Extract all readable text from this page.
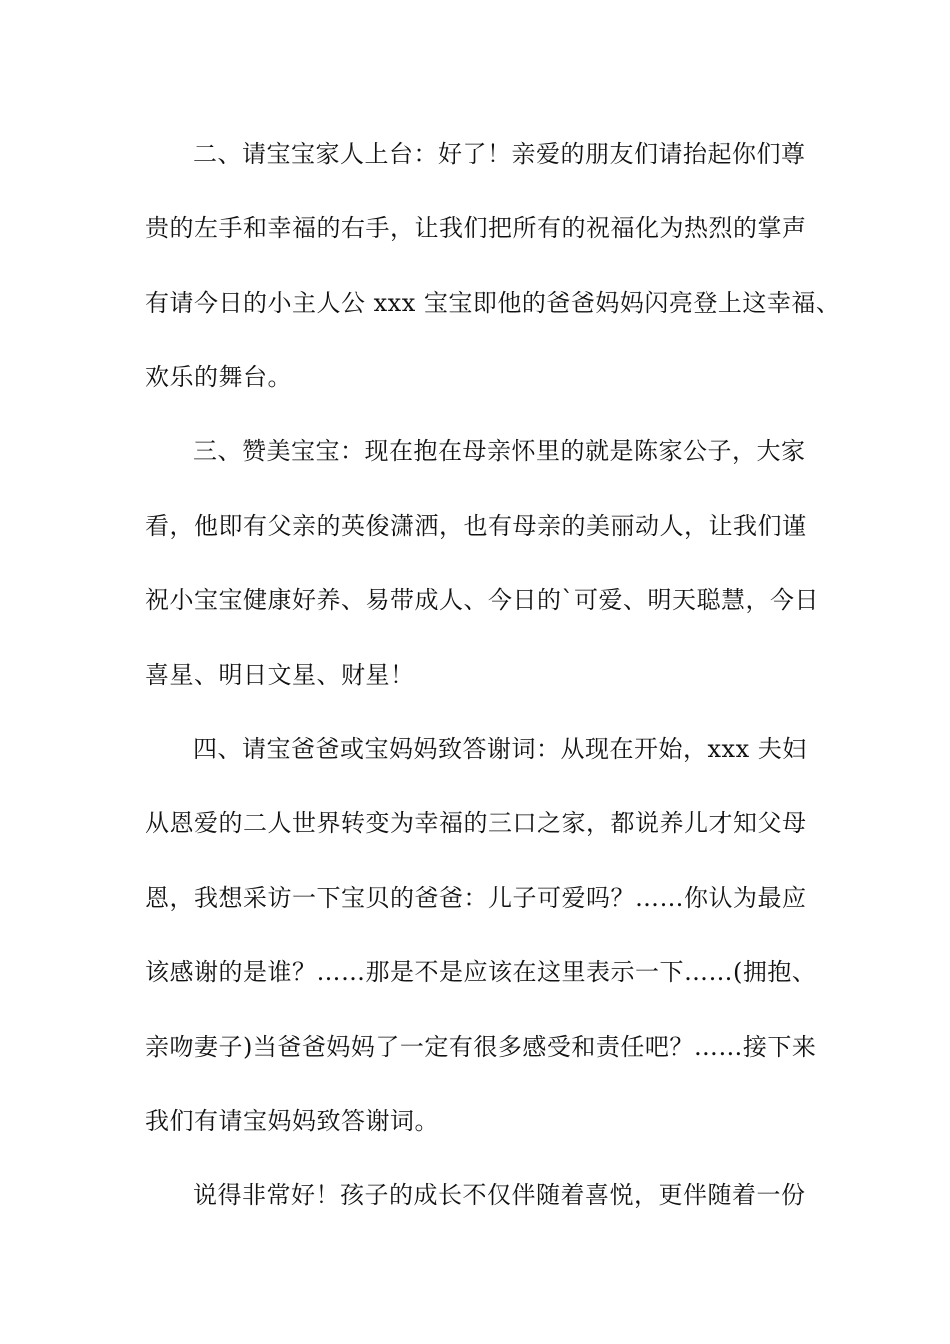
二、请宝宝家人上台：好了！亲爱的朋友们请抬起你们尊
贵的左手和幸福的右手，让我们把所有的祝福化为热烈的掌声
有请今日的小主人公 xxx 宝宝即他的爸爸妈妈闪亮登上这幸福、
欢乐的舞台。
三、赞美宝宝：现在抱在母亲怀里的就是陈家公子，大家
看，他即有父亲的英俊潇洒，也有母亲的美丽动人，让我们谨
祝小宝宝健康好养、易带成人、今日的`可爱、明天聪慧，今日
喜星、明日文星、财星！
四、请宝爸爸或宝妈妈致答谢词：从现在开始，xxx 夫妇
从恩爱的二人世界转变为幸福的三口之家，都说养儿才知父母
恩，我想采访一下宝贝的爸爸：儿子可爱吗？……你认为最应
该感谢的是谁？……那是不是应该在这里表示一下……(拥抱、
亲吻妻子)当爸爸妈妈了一定有很多感受和责任吧？……接下来
我们有请宝妈妈致答谢词。
说得非常好！孩子的成长不仅伴随着喜悦，更伴随着一份
